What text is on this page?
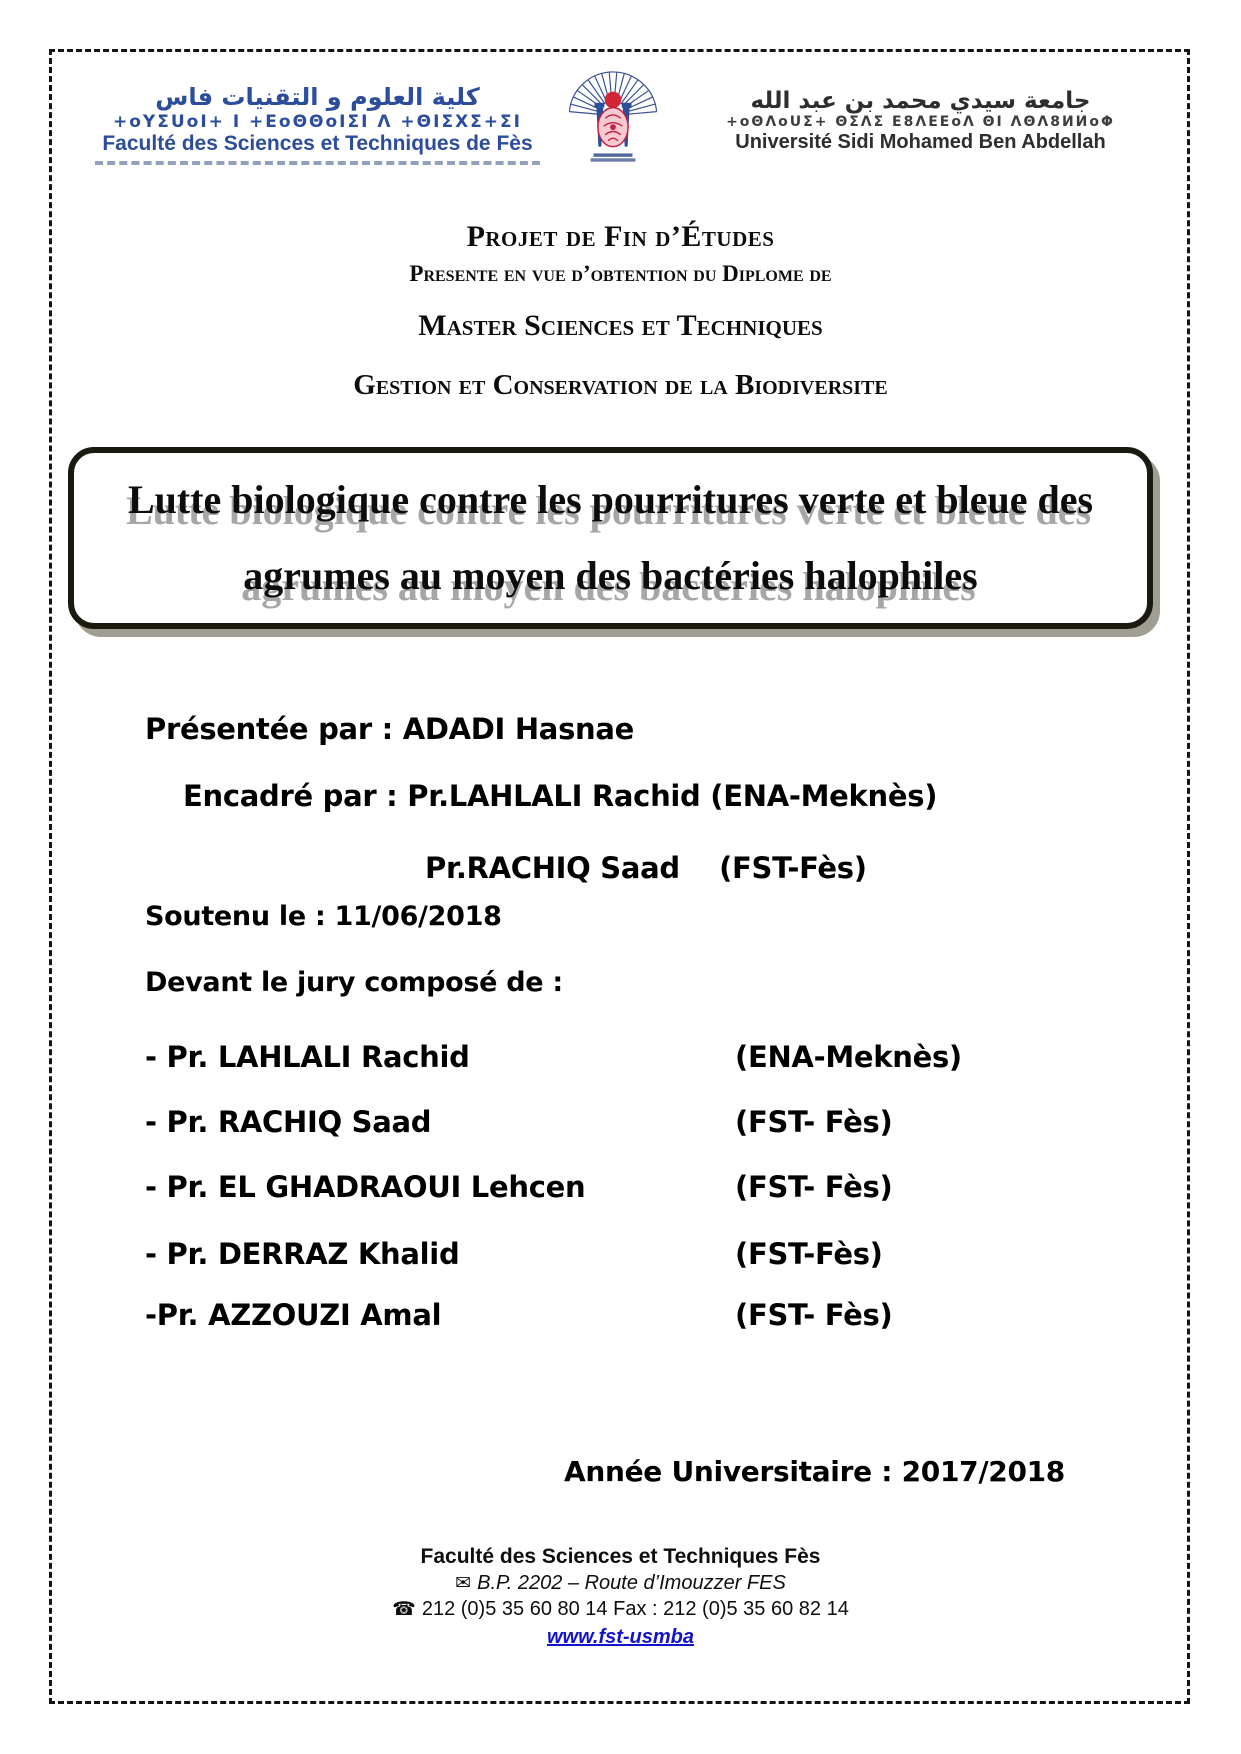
كلية العلوم و التقنيات فاس
+oYΣUoI+ I +ΕoΘΘoIΣI Λ +ΘIΣΧΣ+ΣI
Faculté des Sciences et Techniques de Fès
جامعة سيدي محمد بن عبد الله
+oΘΛoUΣ+ ΘΣΛΣ Ε8ΛΕΕoΛ ΘI ΛΘΛ8ИИoΦ
Université Sidi Mohamed Ben Abdellah
Projet de Fin d’Études
Presente en vue d’obtention du Diplome de
Master Sciences et Techniques
Gestion et Conservation de la Biodiversite
Lutte biologique contre les pourritures verte et bleue des
agrumes au moyen des bactéries halophiles
Présentée par : ADADI Hasnae
Encadré par : Pr.LAHLALI Rachid (ENA-Meknès)
Pr.RACHIQ Saad    (FST-Fès)
Soutenu le : 11/06/2018
Devant le jury composé de :
- Pr. LAHLALI Rachid	(ENA-Meknès)
- Pr. RACHIQ Saad	(FST- Fès)
- Pr. EL GHADRAOUI Lehcen	(FST- Fès)
- Pr. DERRAZ Khalid	(FST-Fès)
-Pr. AZZOUZI Amal	(FST- Fès)
Année Universitaire : 2017/2018
Faculté des Sciences et Techniques Fès
✉ B.P. 2202 – Route d’Imouzzer FES
☎ 212 (0)5 35 60 80 14 Fax : 212 (0)5 35 60 82 14
www.fst-usmba
